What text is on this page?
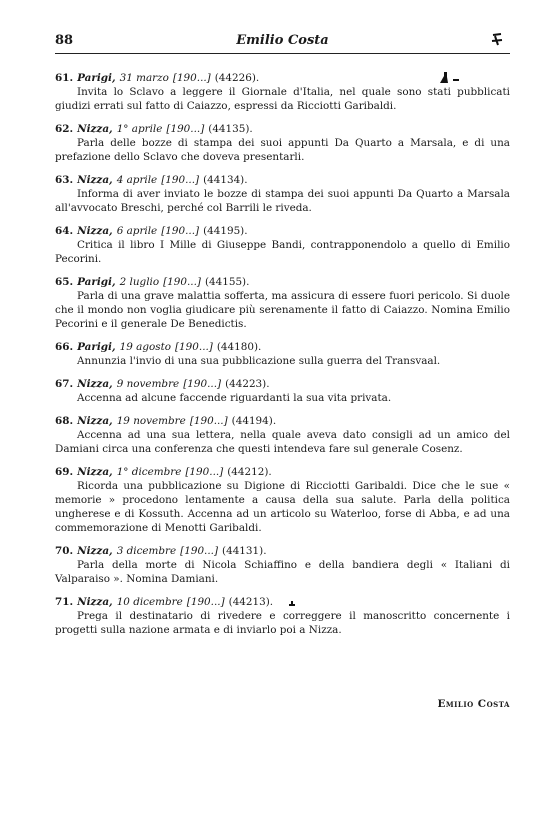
88	Emilio Costa
61. Parigi, 31 marzo [190...] (44226).

Invita lo Sclavo a leggere il Giornale d'Italia, nel quale sono stati pubblicati giudizi errati sul fatto di Caiazzo, espressi da Ricciotti Garibaldi.

62. Nizza, 1° aprile [190...] (44135).

Parla delle bozze di stampa dei suoi appunti Da Quarto a Marsala, e di una prefazione dello Sclavo che doveva presentarli.

63. Nizza, 4 aprile [190...] (44134).

Informa di aver inviato le bozze di stampa dei suoi appunti Da Quarto a Marsala all'avvocato Breschi, perché col Barrili le riveda.

64. Nizza, 6 aprile [190...] (44195).

Critica il libro I Mille di Giuseppe Bandi, contrapponendolo a quello di Emilio Pecorini.

65. Parigi, 2 luglio [190...] (44155).

Parla di una grave malattia sofferta, ma assicura di essere fuori pericolo. Si duole che il mondo non voglia giudicare più serenamente il fatto di Caiazzo. Nomina Emilio Pecorini e il generale De Benedictis.

66. Parigi, 19 agosto [190...] (44180).

Annunzia l'invio di una sua pubblicazione sulla guerra del Transvaal.

67. Nizza, 9 novembre [190...] (44223).

Accenna ad alcune faccende riguardanti la sua vita privata.

68. Nizza, 19 novembre [190...] (44194).

Accenna ad una sua lettera, nella quale aveva dato consigli ad un amico del Damiani circa una conferenza che questi intendeva fare sul generale Cosenz.

69. Nizza, 1° dicembre [190...] (44212).

Ricorda una pubblicazione su Digione di Ricciotti Garibaldi. Dice che le sue « memorie » procedono lentamente a causa della sua salute. Parla della politica ungherese e di Kossuth. Accenna ad un articolo su Waterloo, forse di Abba, e ad una commemorazione di Menotti Garibaldi.

70. Nizza, 3 dicembre [190...] (44131).

Parla della morte di Nicola Schiaffino e della bandiera degli « Italiani di Valparaiso ». Nomina Damiani.

71. Nizza, 10 dicembre [190...] (44213).

Prega il destinatario di rivedere e correggere il manoscritto concernente i progetti sulla nazione armata e di inviarlo poi a Nizza.

Emilio Costa
